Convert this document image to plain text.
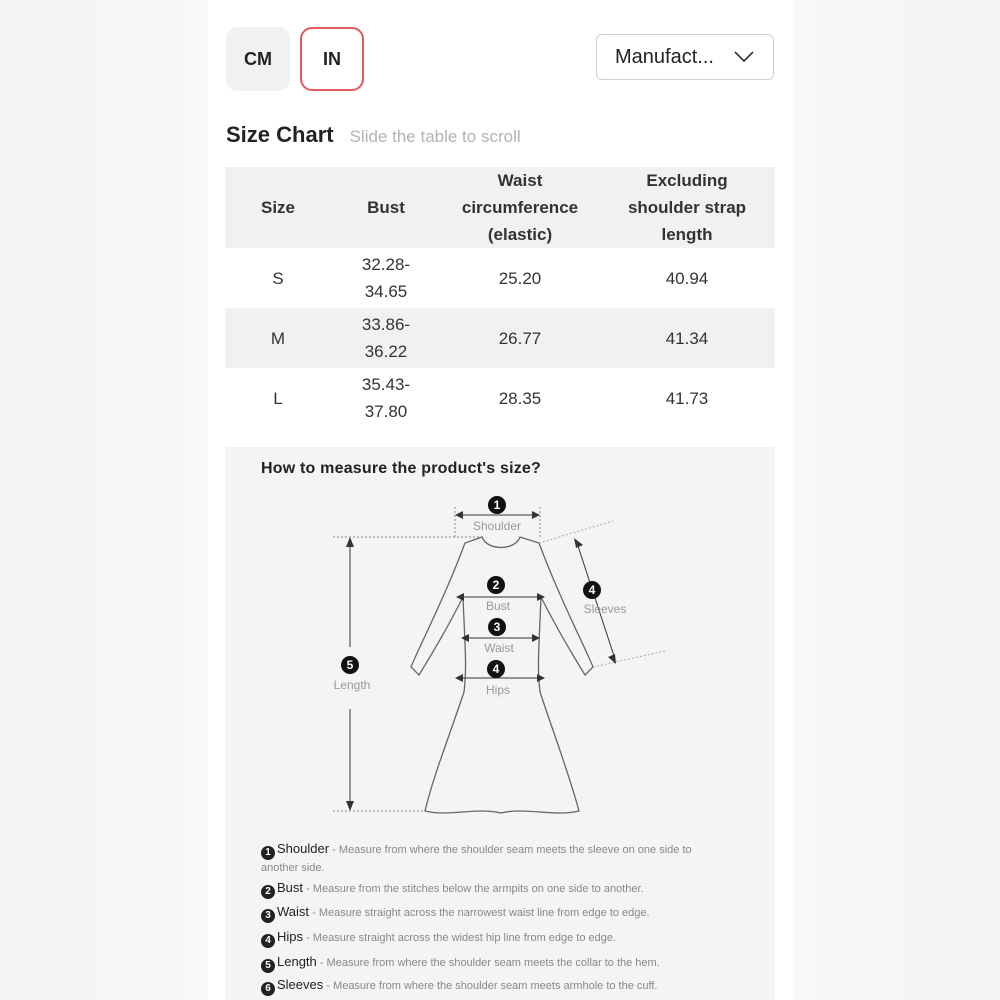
CM	IN	Manufact...
Size Chart Slide the table to scroll
Size	Bust	Waist circumference (elastic)	Excluding shoulder strap length
S	32.28- 34.65	25.20	40.94
M	33.86- 36.22	26.77	41.34
L	35.43- 37.80	28.35	41.73
How to measure the product's size?
1
Shoulder
2
Bust
3
Waist
4
Hips
4
Sleeves
5
Length
1 Shoulder - Measure from where the shoulder seam meets the sleeve on one side to another side.
2 Bust - Measure from the stitches below the armpits on one side to another.
3 Waist - Measure straight across the narrowest waist line from edge to edge.
4 Hips - Measure straight across the widest hip line from edge to edge.
5 Length - Measure from where the shoulder seam meets the collar to the hem.
6 Sleeves - Measure from where the shoulder seam meets armhole to the cuff.
